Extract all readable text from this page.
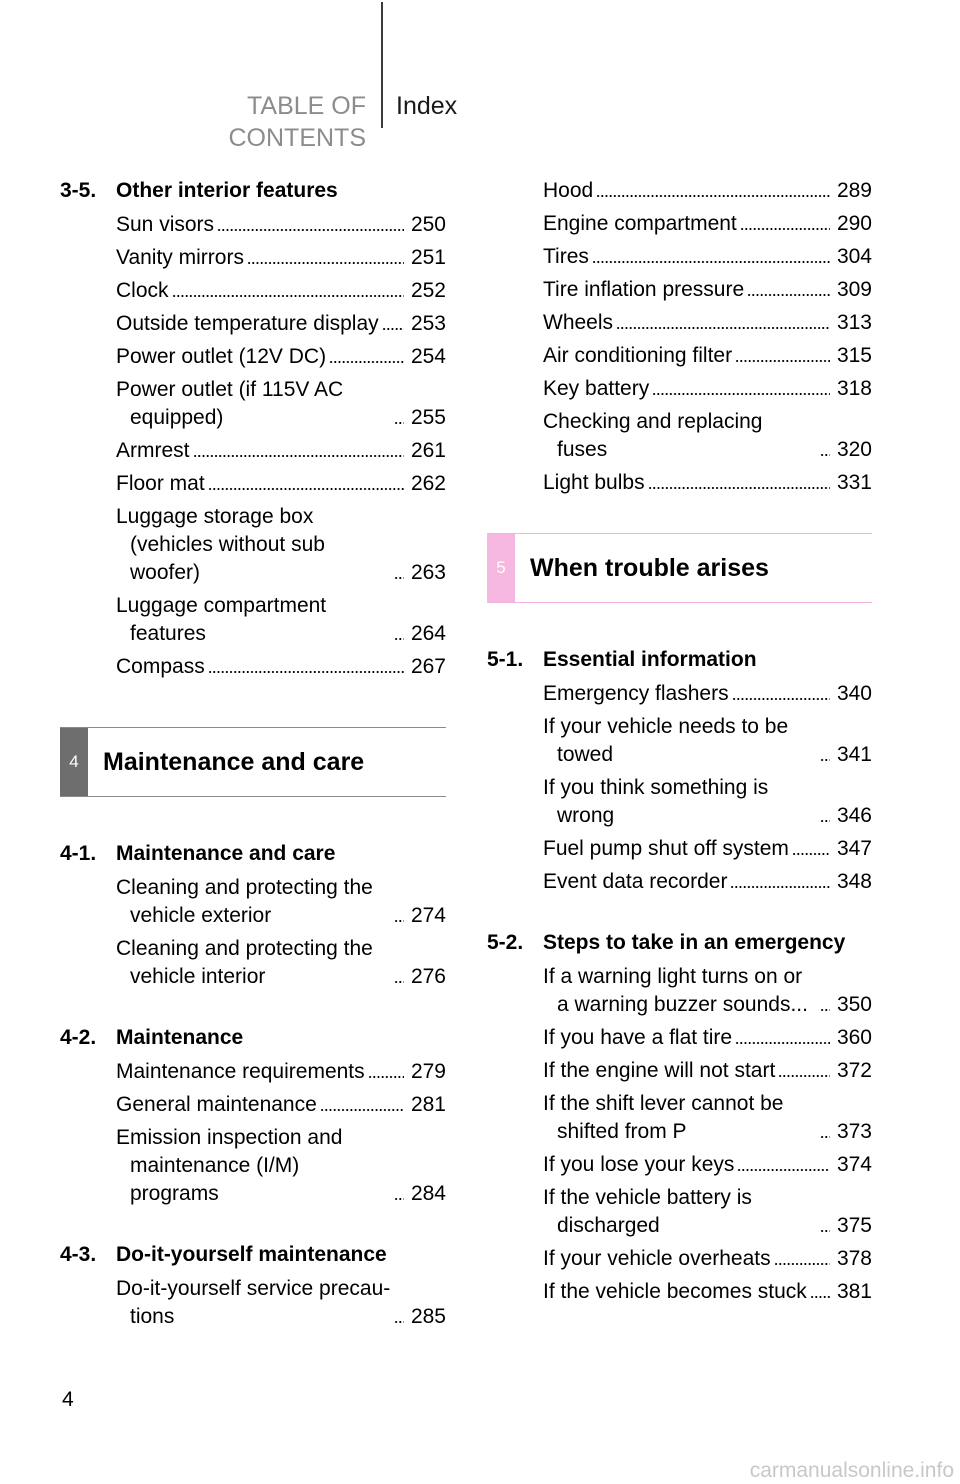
TABLE OF CONTENTS
Index
3-5. Other interior features
Sun visors	250
Vanity mirrors	251
Clock	252
Outside temperature display 253
Power outlet (12V DC)	254
Power outlet (if 115V AC equipped)	255
Armrest	261
Floor mat	262
Luggage storage box (vehicles without sub woofer)	263
Luggage compartment features	264
Compass	267
4 Maintenance and care
4-1. Maintenance and care
Cleaning and protecting the vehicle exterior	274
Cleaning and protecting the vehicle interior	276
4-2. Maintenance
Maintenance requirements 279
General maintenance	281
Emission inspection and maintenance (I/M) programs	284
4-3. Do-it-yourself maintenance
Do-it-yourself service precau-tions	285
Hood	289
Engine compartment	290
Tires	304
Tire inflation pressure	309
Wheels	313
Air conditioning filter	315
Key battery	318
Checking and replacing fuses	320
Light bulbs	331
5 When trouble arises
5-1. Essential information
Emergency flashers	340
If your vehicle needs to be towed	341
If you think something is wrong	346
Fuel pump shut off system 347
Event data recorder	348
5-2. Steps to take in an emergency
If a warning light turns on or a warning buzzer sounds...	350
If you have a flat tire	360
If the engine will not start	372
If the shift lever cannot be shifted from P	373
If you lose your keys	374
If the vehicle battery is discharged	375
If your vehicle overheats	378
If the vehicle becomes stuck 381
4
carmanualsonline.info
